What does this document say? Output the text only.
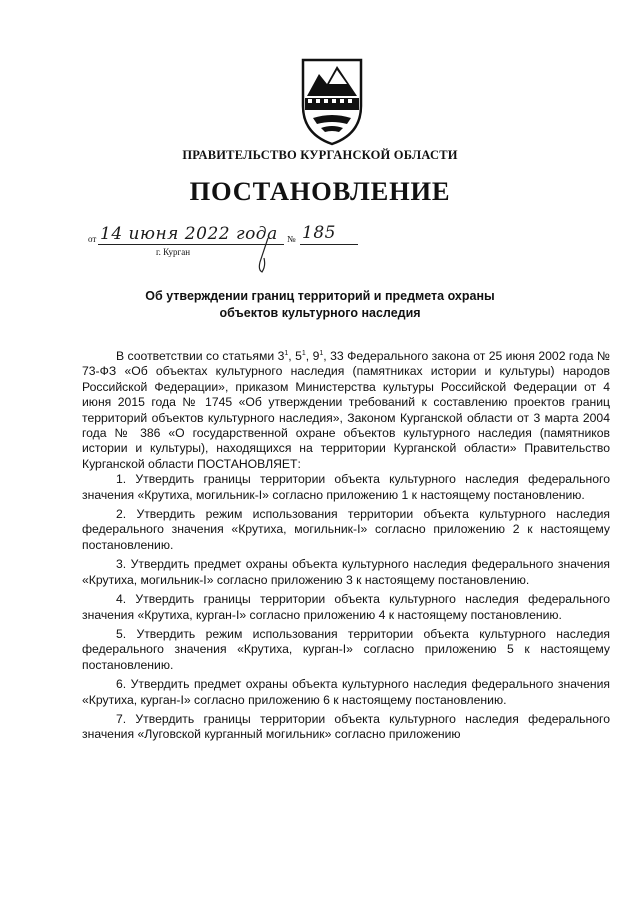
ПРАВИТЕЛЬСТВО КУРГАНСКОЙ ОБЛАСТИ
ПОСТАНОВЛЕНИЕ
от 14 июня 2022 года № 185
г. Курган
Об утверждении границ территорий и предмета охраны
объектов культурного наследия

В соответствии со статьями $3^1$, $5^1$, $9^1$, 33 Федерального закона от 25 июня 2002 года № 73-ФЗ «Об объектах культурного наследия (памятниках истории и культуры) народов Российской Федерации», приказом Министерства культуры Российской Федерации от 4 июня 2015 года № 1745 «Об утверждении требований к составлению проектов границ территорий объектов культурного наследия», Законом Курганской области от 3 марта 2004 года № 386 «О государственной охране объектов культурного наследия (памятников истории и культуры), находящихся на территории Курганской области» Правительство Курганской области ПОСТАНОВЛЯЕТ:

1. Утвердить границы территории объекта культурного наследия федерального значения «Крутиха, могильник-I» согласно приложению 1 к настоящему постановлению.

2. Утвердить режим использования территории объекта культурного наследия федерального значения «Крутиха, могильник-I» согласно приложению 2 к настоящему постановлению.

3. Утвердить предмет охраны объекта культурного наследия федерального значения «Крутиха, могильник-I» согласно приложению 3 к настоящему постановлению.

4. Утвердить границы территории объекта культурного наследия федерального значения «Крутиха, курган-I» согласно приложению 4 к настоящему постановлению.

5. Утвердить режим использования территории объекта культурного наследия федерального значения «Крутиха, курган-I» согласно приложению 5 к настоящему постановлению.

6. Утвердить предмет охраны объекта культурного наследия федерального значения «Крутиха, курган-I» согласно приложению 6 к настоящему постановлению.

7. Утвердить границы территории объекта культурного наследия федерального значения «Луговской курганный могильник» согласно приложению
